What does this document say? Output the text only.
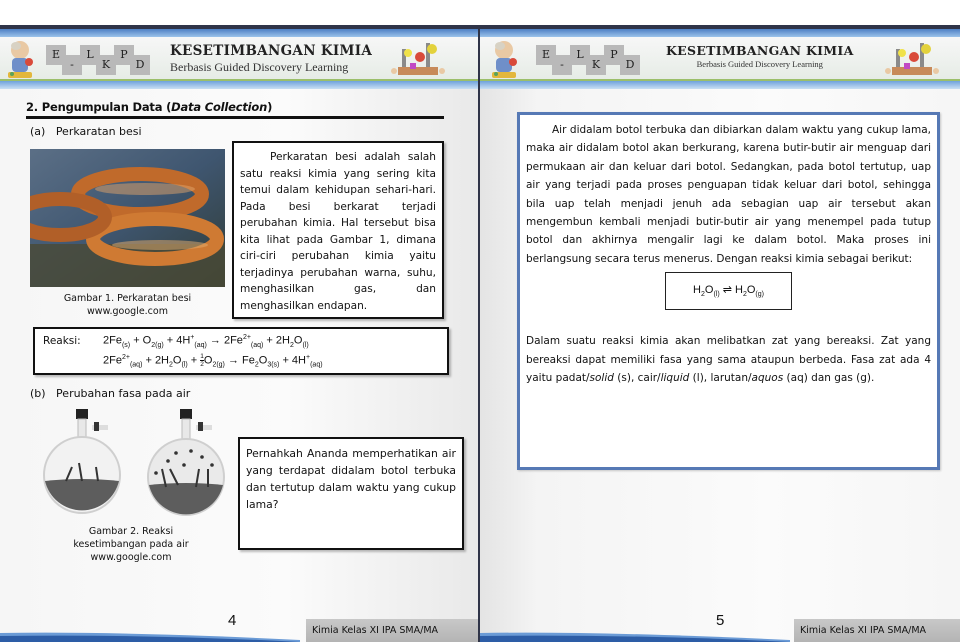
E
-
L
K
P
D
KESETIMBANGAN KIMIA
Berbasis Guided Discovery Learning
2. Pengumpulan Data (Data Collection)
(a)   Perkaratan besi
Gambar 1. Perkaratan besi
www.google.com

Perkaratan besi adalah salah satu reaksi kimia yang sering kita temui dalam kehidupan sehari-hari. Pada besi berkarat terjadi perubahan kimia. Hal tersebut bisa kita lihat pada Gambar 1, dimana ciri-ciri perubahan kimia yaitu terjadinya perubahan warna, suhu, menghasilkan gas, dan menghasilkan endapan.

Reaksi: $2Fe_{(s)} + O_{2(g)} + 4H^+_{(aq)} \to 2Fe^{2+}_{(aq)} + 2H_2O_{(l)}$
$2Fe^{2+}_{(aq)} + 2H_2O_{(l)} + \frac{1}{2} O_{2(g)} \to Fe_2O_{3(s)} + 4H^+_{(aq)}$
(b)   Perubahan fasa pada air
Gambar 2. Reaksi
kesetimbangan pada air
www.google.com

Pernahkah Ananda memperhatikan air yang terdapat didalam botol terbuka dan tertutup dalam waktu yang cukup lama?

4
Kimia Kelas XI IPA SMA/MA
E
-
L
K
P
D
KESETIMBANGAN KIMIA
Berbasis Guided Discovery Learning

Air didalam botol terbuka dan dibiarkan dalam waktu yang cukup lama, maka air didalam botol akan berkurang, karena butir-butir air menguap dari permukaan air dan keluar dari botol. Sedangkan, pada botol tertutup, uap air yang terjadi pada proses penguapan tidak keluar dari botol, sehingga bila uap telah menjadi jenuh ada sebagian uap air tersebut akan mengembun kembali menjadi butir-butir air yang menempel pada tutup botol dan akhirnya mengalir lagi ke dalam botol. Maka proses ini berlangsung secara terus menerus. Dengan reaksi kimia sebagai berikut:

$H_2O_{(l)}$ ⇌ $H_2O_{(g)}$

Dalam suatu reaksi kimia akan melibatkan zat yang bereaksi. Zat yang bereaksi dapat memiliki fasa yang sama ataupun berbeda. Fasa zat ada 4 yaitu padat/solid (s), cair/liquid (l), larutan/aquos (aq) dan gas (g).

5
Kimia Kelas XI IPA SMA/MA
